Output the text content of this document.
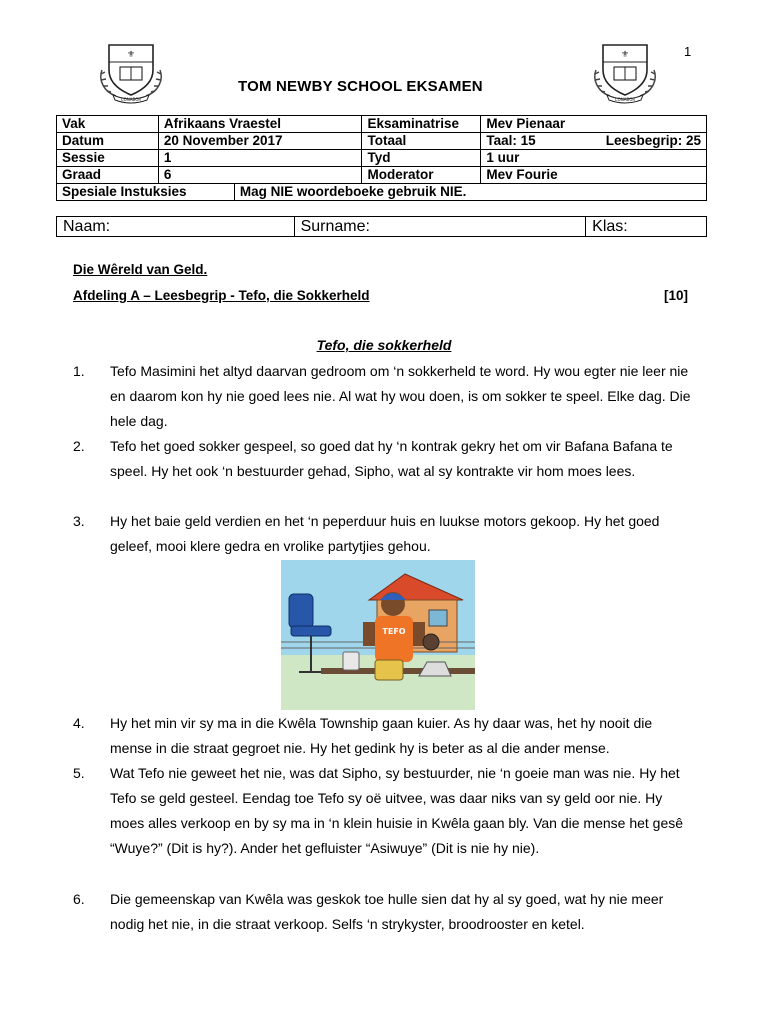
1
⚜
CONABOR
TOM NEWBY SCHOOL EKSAMEN
⚜
CONABOR
Vak	Afrikaans Vraestel		Eksaminatrise	Mev Pienaar
Datum	20 November 2017		Totaal	Taal: 15 Leesbegrip: 25

Sessie	1		Tyd	1 uur
Graad	6		Moderator	Mev Fourie
Spesiale Instuksies		Mag NIE woordeboeke gebruik NIE.		
Naam:	Surname:	Klas:
Die Wêreld van Geld.
Afdeling A – Leesbegrip - Tefo, die Sokkerheld	[10]
Tefo, die sokkerheld
1. Tefo Masimini het altyd daarvan gedroom om ‘n sokkerheld te word. Hy wou egter nie leer nie en daarom kon hy nie goed lees nie. Al wat hy wou doen, is om sokker te speel. Elke dag. Die hele dag.
2. Tefo het goed sokker gespeel, so goed dat hy ‘n kontrak gekry het om vir Bafana Bafana te speel. Hy het ook ‘n bestuurder gehad, Sipho, wat al sy kontrakte vir hom moes lees.
3. Hy het baie geld verdien en het ‘n peperduur huis en luukse motors gekoop. Hy het goed geleef, mooi klere gedra en vrolike partytjies gehou.
TEFO
4. Hy het min vir sy ma in die Kwêla Township gaan kuier. As hy daar was, het hy nooit die mense in die straat gegroet nie. Hy het gedink hy is beter as al die ander mense.
5. Wat Tefo nie geweet het nie, was dat Sipho, sy bestuurder, nie ‘n goeie man was nie. Hy het Tefo se geld gesteel. Eendag toe Tefo sy oë uitvee, was daar niks van sy geld oor nie. Hy moes alles verkoop en by sy ma in ‘n klein huisie in Kwêla gaan bly. Van die mense het gesê “Wuye?” (Dit is hy?). Ander het gefluister “Asiwuye” (Dit is nie hy nie).
6. Die gemeenskap van Kwêla was geskok toe hulle sien dat hy al sy goed, wat hy nie meer nodig het nie, in die straat verkoop. Selfs ‘n strykyster, broodrooster en ketel.
